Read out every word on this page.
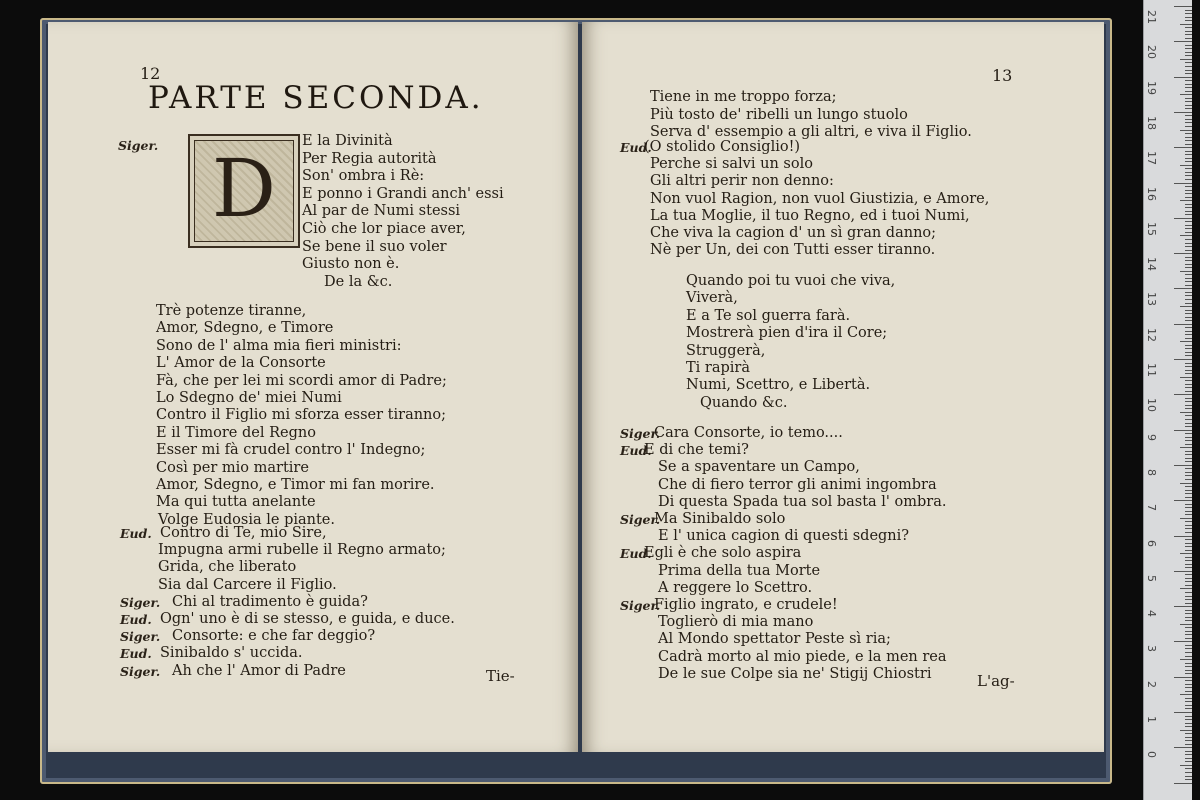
12
PARTE SECONDA.
Siger. D
E la Divinità
Per Regia autorità
Son' ombra i Rè:
E ponno i Grandi anch' essi
Al par de Numi stessi
Ciò che lor piace aver,
Se bene il suo voler
Giusto non è.
De la &c.
Trè potenze tiranne,
Amor, Sdegno, e Timore
Sono de l' alma mia fieri ministri:
L' Amor de la Consorte
Fà, che per lei mi scordi amor di Padre;
Lo Sdegno de' miei Numi
Contro il Figlio mi sforza esser tiranno;
E il Timore del Regno
Esser mi fà crudel contro l' Indegno;
Così per mio martire
Amor, Sdegno, e Timor mi fan morire.
Ma qui tutta anelante
Volge Eudosia le piante.
Eud. Contro di Te, mio Sire,
Impugna armi rubelle il Regno armato;
Grida, che liberato
Sia dal Carcere il Figlio.
Siger. Chi al tradimento è guida?
Eud. Ogn' uno è di se stesso, e guida, e duce.
Siger. Consorte: e che far deggio?
Eud. Sinibaldo s' uccida.
Siger. Ah che l' Amor di Padre	Tie-
13
Tiene in me troppo forza;
Più tosto de' ribelli un lungo stuolo
Serva d' essempio a gli altri, e viva il Figlio.
Eud.
(O stolido Consiglio!)
Perche si salvi un solo
Gli altri perir non denno:
Non vuol Ragion, non vuol Giustizia, e Amore,
La tua Moglie, il tuo Regno, ed i tuoi Numi,
Che viva la cagion d' un sì gran danno;
Nè per Un, dei con Tutti esser tiranno.
Quando poi tu vuoi che viva,
Viverà,
E a Te sol guerra farà.
Mostrerà pien d'ira il Core;
Struggerà,
Ti rapirà
Numi, Scettro, e Libertà.
Quando &c.
Siger.
Cara Consorte, io temo....
Eud.
E di che temi?
Se a spaventare un Campo,
Che di fiero terror gli animi ingombra
Di questa Spada tua sol basta l' ombra.
Siger.
Ma Sinibaldo solo
E l' unica cagion di questi sdegni?
Eud.
Egli è che solo aspira
Prima della tua Morte
A reggere lo Scettro.
Siger.
Figlio ingrato, e crudele!
Toglierò di mia mano
Al Mondo spettator Peste sì ria;
Cadrà morto al mio piede, e la men rea
De le sue Colpe sia ne' Stigij Chiostri	L'ag-
21
20
19
18
17
16
15
14
13
12
11
10
9
8
7
6
5
4
3
2
1
0
